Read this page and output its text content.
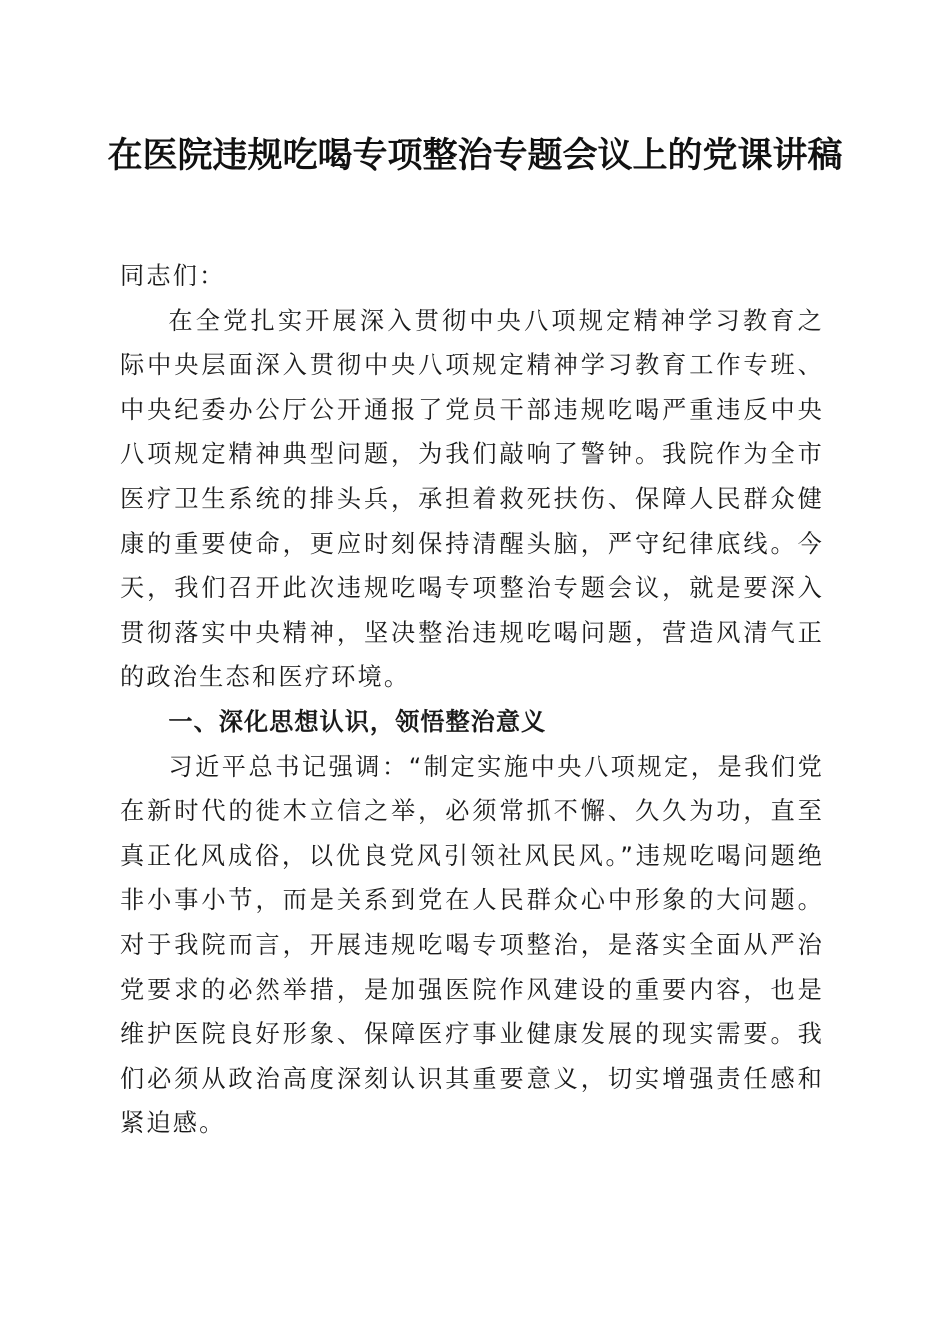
在医院违规吃喝专项整治专题会议上的党课讲稿

同志们：

在全党扎实开展深入贯彻中央八项规定精神学习教育之际中央层面深入贯彻中央八项规定精神学习教育工作专班、中央纪委办公厅公开通报了党员干部违规吃喝严重违反中央八项规定精神典型问题，为我们敲响了警钟。我院作为全市医疗卫生系统的排头兵，承担着救死扶伤、保障人民群众健康的重要使命，更应时刻保持清醒头脑，严守纪律底线。今天，我们召开此次违规吃喝专项整治专题会议，就是要深入贯彻落实中央精神，坚决整治违规吃喝问题，营造风清气正的政治生态和医疗环境。

一、深化思想认识，领悟整治意义

习近平总书记强调：“制定实施中央八项规定，是我们党在新时代的徙木立信之举，必须常抓不懈、久久为功，直至真正化风成俗，以优良党风引领社风民风。”违规吃喝问题绝非小事小节，而是关系到党在人民群众心中形象的大问题。对于我院而言，开展违规吃喝专项整治，是落实全面从严治党要求的必然举措，是加强医院作风建设的重要内容，也是维护医院良好形象、保障医疗事业健康发展的现实需要。我们必须从政治高度深刻认识其重要意义，切实增强责任感和紧迫感。
